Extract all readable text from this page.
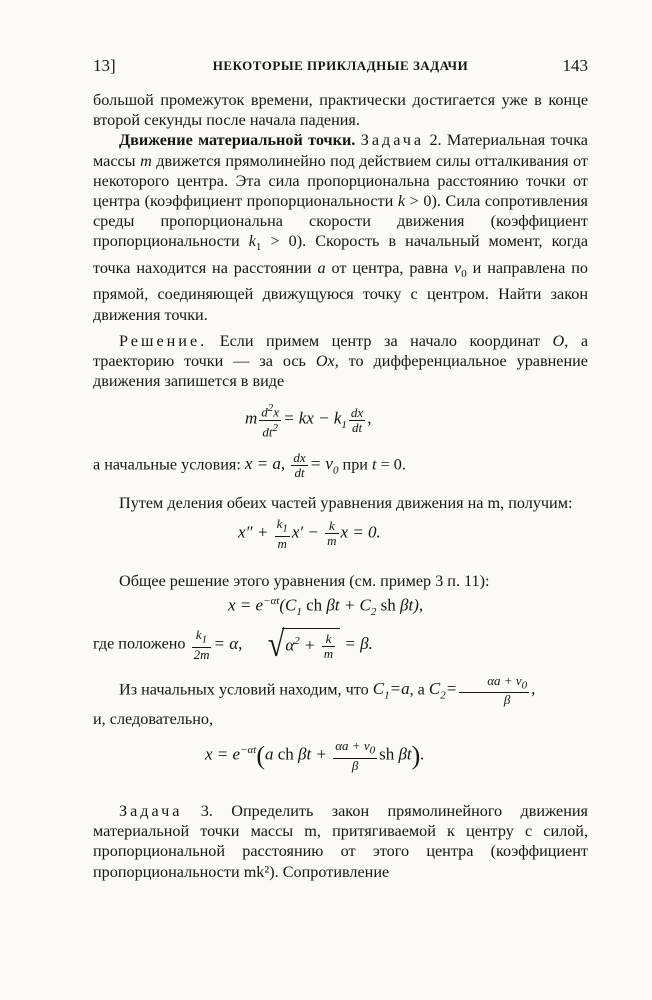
13]	НЕКОТОРЫЕ ПРИКЛАДНЫЕ ЗАДАЧИ	143

большой промежуток времени, практически достигается уже в конце второй секунды после начала падения.

Движение материальной точки. Задача 2. Материальная точка массы m движется прямолинейно под действием силы отталкивания от некоторого центра. Эта сила пропорциональна расстоянию точки от центра (коэффициент пропорциональности k > 0). Сила сопротивления среды пропорциональна скорости движения (коэффициент пропорциональности $k_1 > 0$). Скорость в начальный момент, когда точка находится на расстоянии a от центра, равна $v_0$ и направлена по прямой, соединяющей движущуюся точку с центром. Найти закон движения точки.

Решение. Если примем центр за начало координат O, а траекторию точки — за ось Ox, то дифференциальное уравнение движения запишется в виде

m $\frac{d^2x}{dt^2}$ = kx − $k_1 \frac{dx}{dt}$ ,
а начальные условия: x = a, $\frac{dx}{dt} = v_0$ при t = 0.

Путем деления обеих частей уравнения движения на m, получим:

$x'' + \frac{k_1}{m} x' - \frac{k}{m}$ x = 0.

Общее решение этого уравнения (см. пример 3 п. 11):

$x = e^{-\alpha t}(C_1$ ch $\beta t + C_2$ sh βt),
где положено $\frac{k_1}{2m} = \alpha$,      $√\alpha^2 + \frac{k}{m} = \beta$.
Из начальных условий находим, что $C_1=a$, а $C_2= \frac{\alpha a + v_0}{\beta}$ ,

и, следовательно,

$x = e^{-\alpha t}(a$ ch $\beta t + \frac{\alpha a + v_0}{\beta}$ sh βt).

Задача 3. Определить закон прямолинейного движения материальной точки массы m, притягиваемой к центру с силой, пропорциональной расстоянию от этого центра (коэффициент пропорциональности mk²). Сопротивление
